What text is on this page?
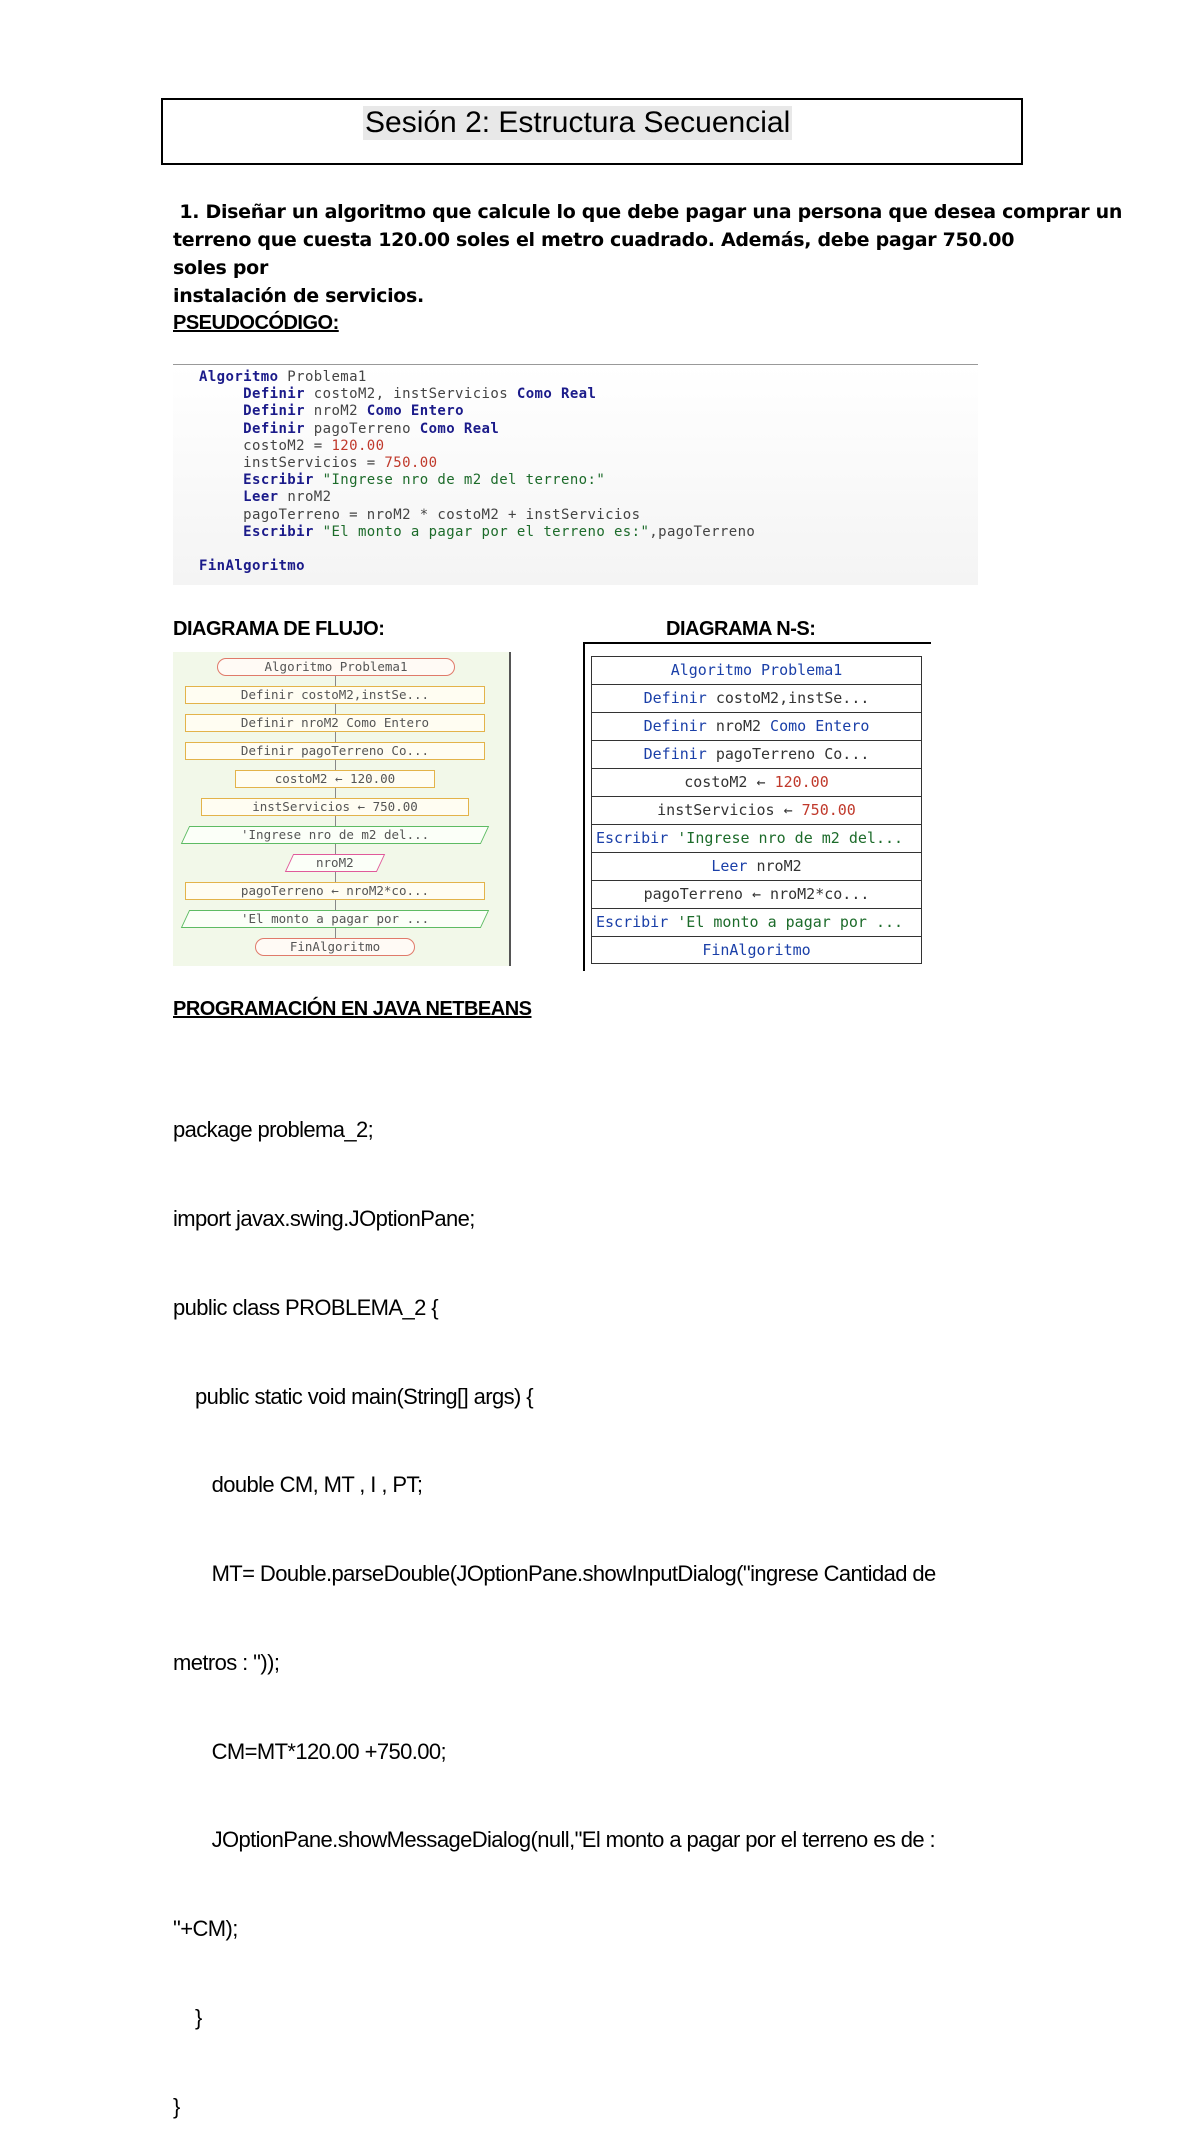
Sesión 2: Estructura Secuencial
1. Diseñar un algoritmo que calcule lo que debe pagar una persona que desea comprar un
terreno que cuesta 120.00 soles el metro cuadrado. Además, debe pagar 750.00 soles por
instalación de servicios.
PSEUDOCÓDIGO:
Algoritmo Problema1
Definir costoM2, instServicios Como Real
Definir nroM2 Como Entero
Definir pagoTerreno Como Real
costoM2 = 120.00
instServicios = 750.00
Escribir "Ingrese nro de m2 del terreno:"
Leer nroM2
pagoTerreno = nroM2 * costoM2 + instServicios
Escribir "El monto a pagar por el terreno es:",pagoTerreno

FinAlgoritmo
DIAGRAMA DE FLUJO:	DIAGRAMA N-S:
Algoritmo Problema1
Definir costoM2,instSe...
Definir nroM2 Como Entero
Definir pagoTerreno Co...
costoM2 ← 120.00
instServicios ← 750.00
'Ingrese nro de m2 del...
nroM2
pagoTerreno ← nroM2*co...
'El monto a pagar por ...
FinAlgoritmo
Algoritmo Problema1
Definir costoM2,instSe...
Definir nroM2 Como Entero
Definir pagoTerreno Co...
costoM2 ← 120.00
instServicios ← 750.00
Escribir 'Ingrese nro de m2 del...
Leer nroM2
pagoTerreno ← nroM2*co...
Escribir 'El monto a pagar por ...
FinAlgoritmo
PROGRAMACIÓN EN JAVA NETBEANS

package problema_2;

import javax.swing.JOptionPane;

public class PROBLEMA_2 {

public static void main(String[] args) {

double CM, MT , I , PT;

MT= Double.parseDouble(JOptionPane.showInputDialog("ingrese Cantidad de

metros : "));

CM=MT*120.00 +750.00;

JOptionPane.showMessageDialog(null,"El monto a pagar por el terreno es de :

"+CM);

}

}
